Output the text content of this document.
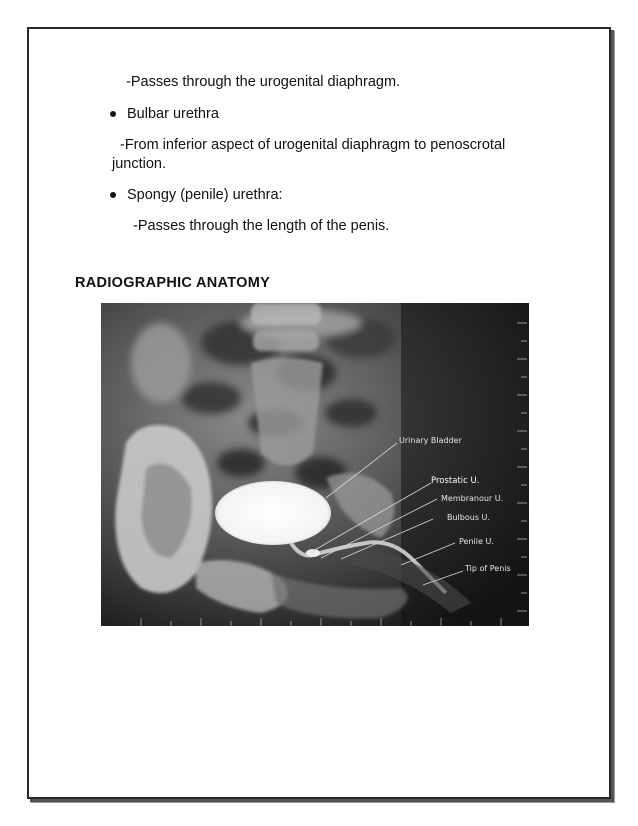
-Passes through the urogenital diaphragm.
Bulbar urethra
-From inferior aspect of urogenital diaphragm to penoscrotal
junction.
Spongy (penile) urethra:
-Passes through the length of the penis.
RADIOGRAPHIC ANATOMY
Urinary Bladder
Prostatic U.
Membranour U.
Bulbous U.
Penile U.
Tip of Penis
